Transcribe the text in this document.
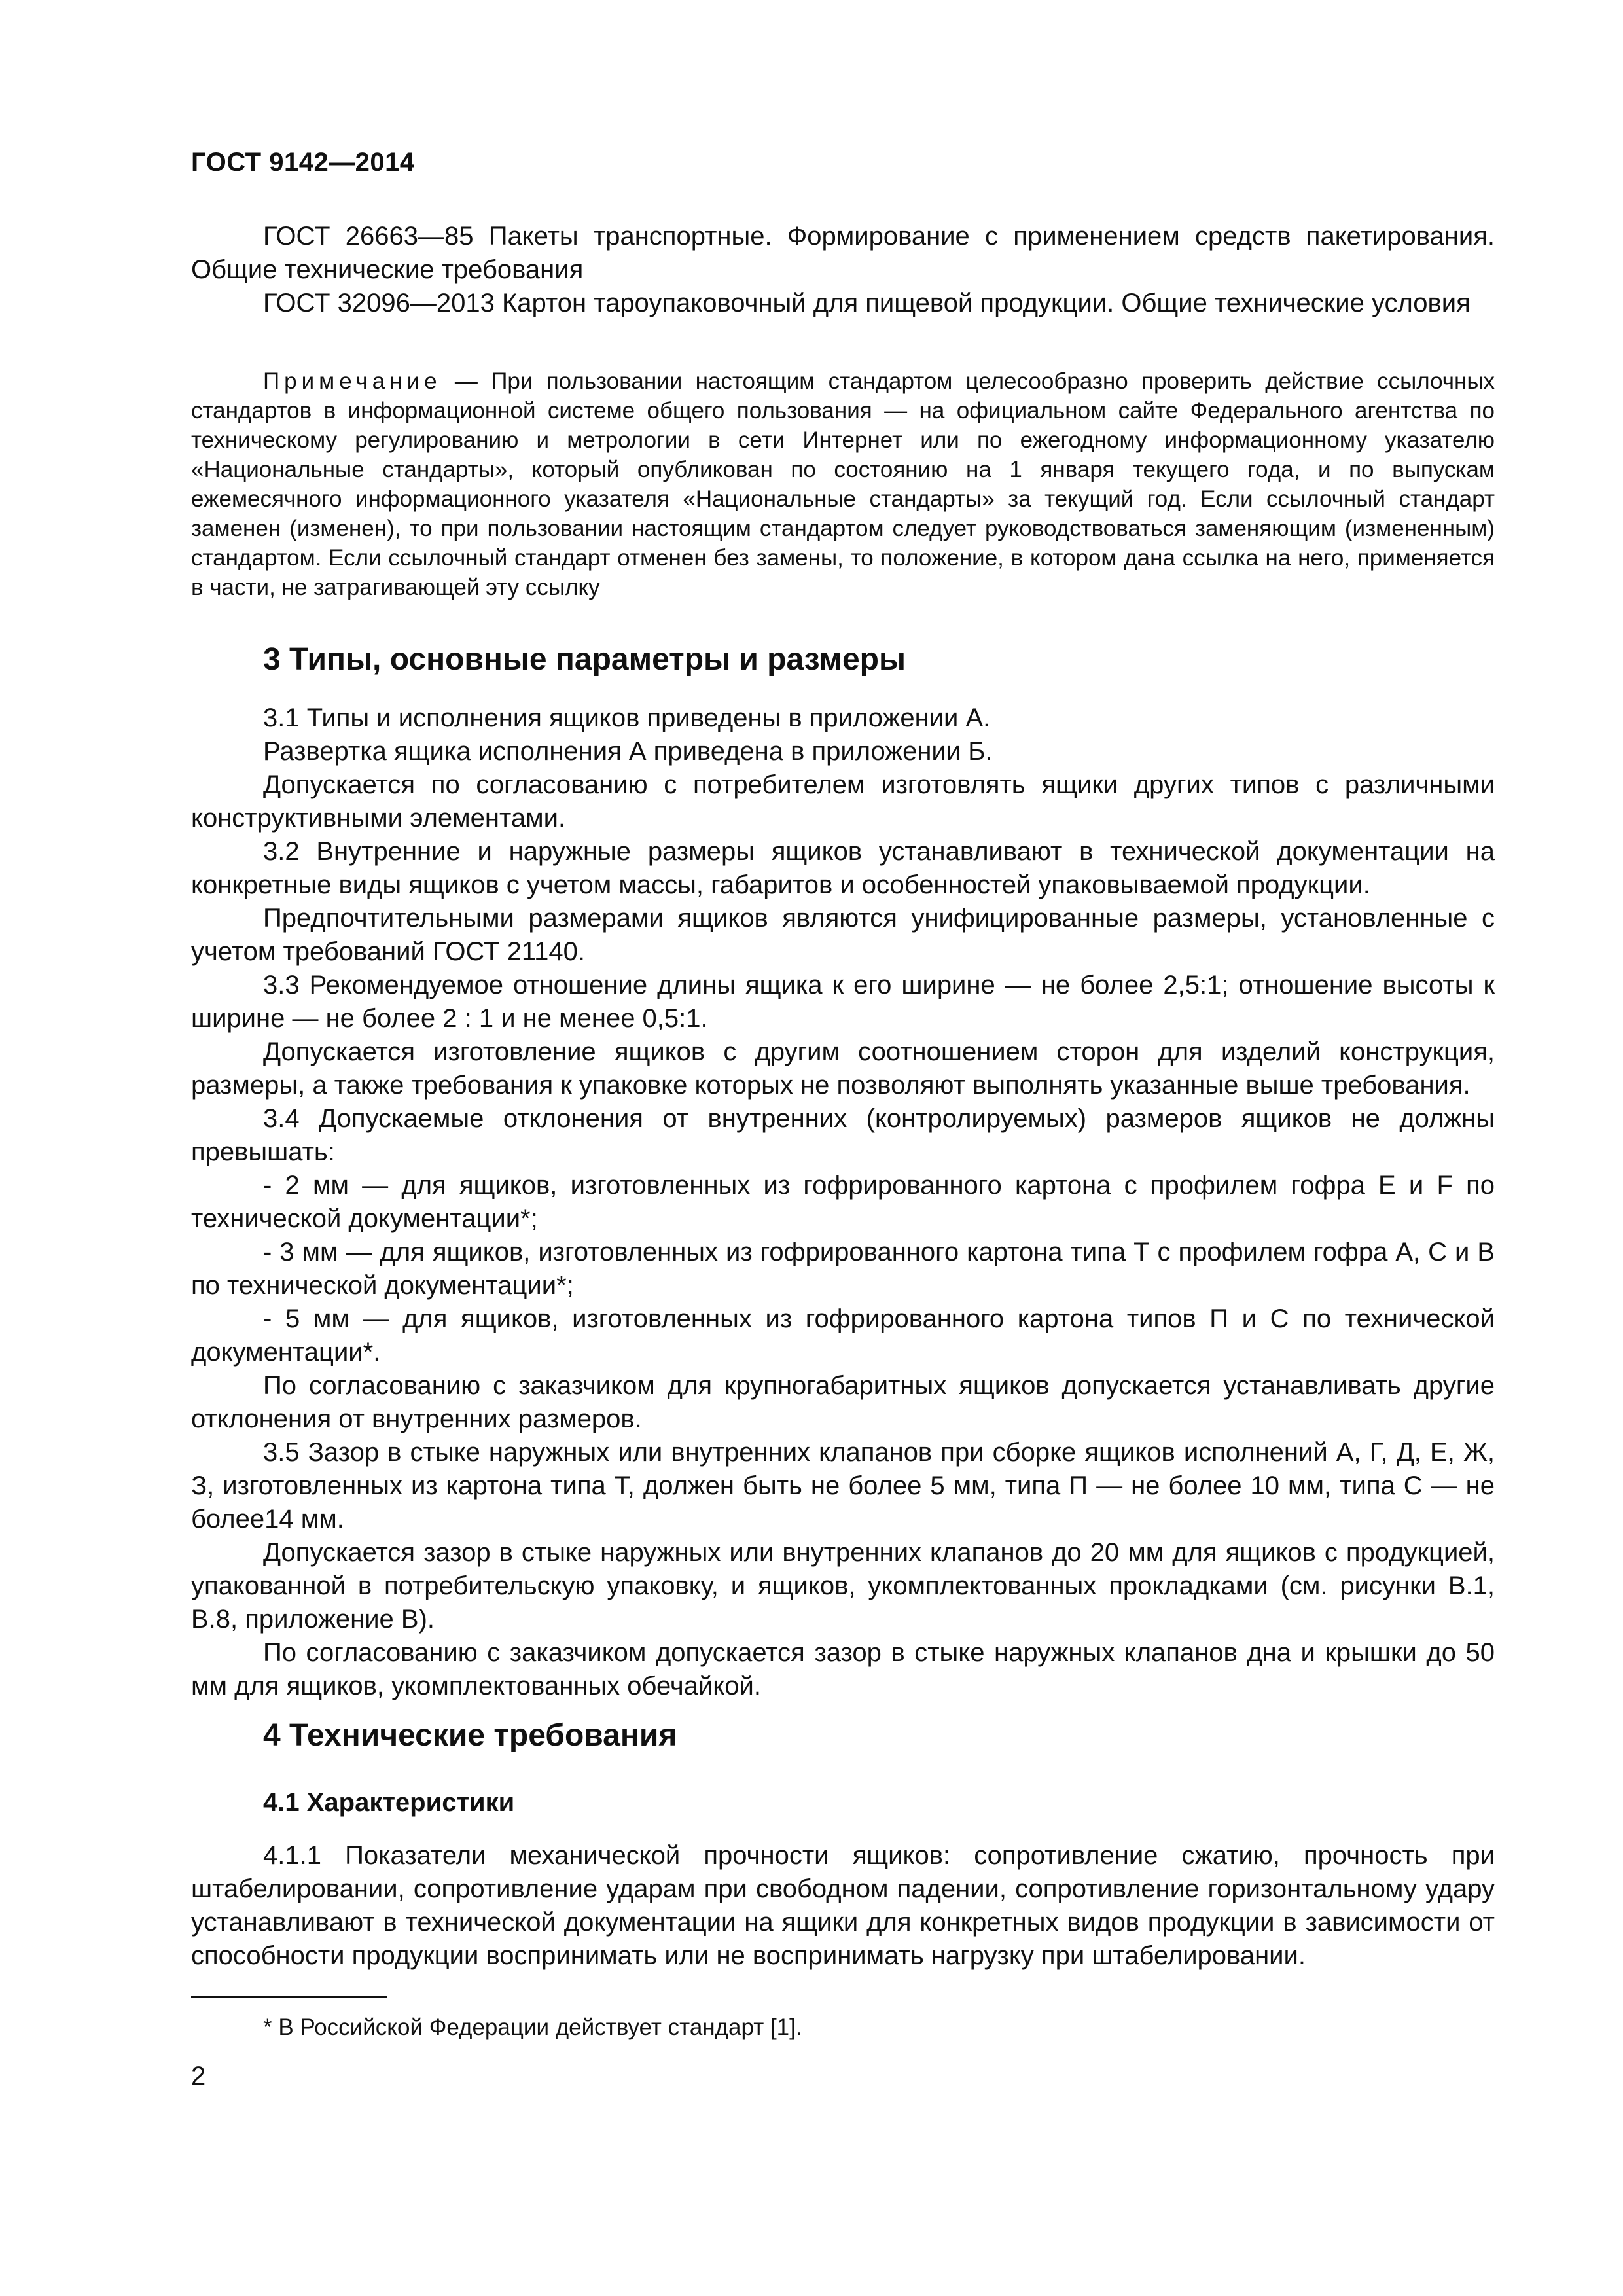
ГОСТ 9142—2014

ГОСТ 26663—85 Пакеты транспортные. Формирование с применением средств пакетирования. Общие технические требования

ГОСТ 32096—2013 Картон тароупаковочный для пищевой продукции. Общие технические условия

Примечание — При пользовании настоящим стандартом целесообразно проверить действие ссылочных стандартов в информационной системе общего пользования — на официальном сайте Федерального агентства по техническому регулированию и метрологии в сети Интернет или по ежегодному информационному указателю «Национальные стандарты», который опубликован по состоянию на 1 января текущего года, и по выпускам ежемесячного информационного указателя «Национальные стандарты» за текущий год. Если ссылочный стандарт заменен (изменен), то при пользовании настоящим стандартом следует руководствоваться заменяющим (измененным) стандартом. Если ссылочный стандарт отменен без замены, то положение, в котором дана ссылка на него, применяется в части, не затрагивающей эту ссылку

3 Типы, основные параметры и размеры

3.1 Типы и исполнения ящиков приведены в приложении А.

Развертка ящика исполнения А приведена в приложении Б.

Допускается по согласованию с потребителем изготовлять ящики других типов с различными конструктивными элементами.

3.2 Внутренние и наружные размеры ящиков устанавливают в технической документации на конкретные виды ящиков с учетом массы, габаритов и особенностей упаковываемой продукции.

Предпочтительными размерами ящиков являются унифицированные размеры, установленные с учетом требований ГОСТ 21140.

3.3 Рекомендуемое отношение длины ящика к его ширине — не более 2,5:1; отношение высоты к ширине — не более 2 : 1 и не менее 0,5:1.

Допускается изготовление ящиков с другим соотношением сторон для изделий конструкция, размеры, а также требования к упаковке которых не позволяют выполнять указанные выше требования.

3.4 Допускаемые отклонения от внутренних (контролируемых) размеров ящиков не должны превышать:

- 2 мм — для ящиков, изготовленных из гофрированного картона с профилем гофра Е и F по технической документации*;

- 3 мм — для ящиков, изготовленных из гофрированного картона типа Т с профилем гофра А, С и В по технической документации*;

- 5 мм — для ящиков, изготовленных из гофрированного картона типов П и С по технической документации*.

По согласованию с заказчиком для крупногабаритных ящиков допускается устанавливать другие отклонения от внутренних размеров.

3.5 Зазор в стыке наружных или внутренних клапанов при сборке ящиков исполнений А, Г, Д, Е, Ж, З, изготовленных из картона типа Т, должен быть не более 5 мм, типа П — не более 10 мм, типа С — не более14 мм.

Допускается зазор в стыке наружных или внутренних клапанов до 20 мм для ящиков с продукцией, упакованной в потребительскую упаковку, и ящиков, укомплектованных прокладками (см. рисунки В.1, В.8, приложение В).

По согласованию с заказчиком допускается зазор в стыке наружных клапанов дна и крышки до 50 мм для ящиков, укомплектованных обечайкой.

4 Технические требования
4.1 Характеристики

4.1.1 Показатели механической прочности ящиков: сопротивление сжатию, прочность при штабелировании, сопротивление ударам при свободном падении, сопротивление горизонтальному удару устанавливают в технической документации на ящики для конкретных видов продукции в зависимости от способности продукции воспринимать или не воспринимать нагрузку при штабелировании.

* В Российской Федерации действует стандарт [1].
2
